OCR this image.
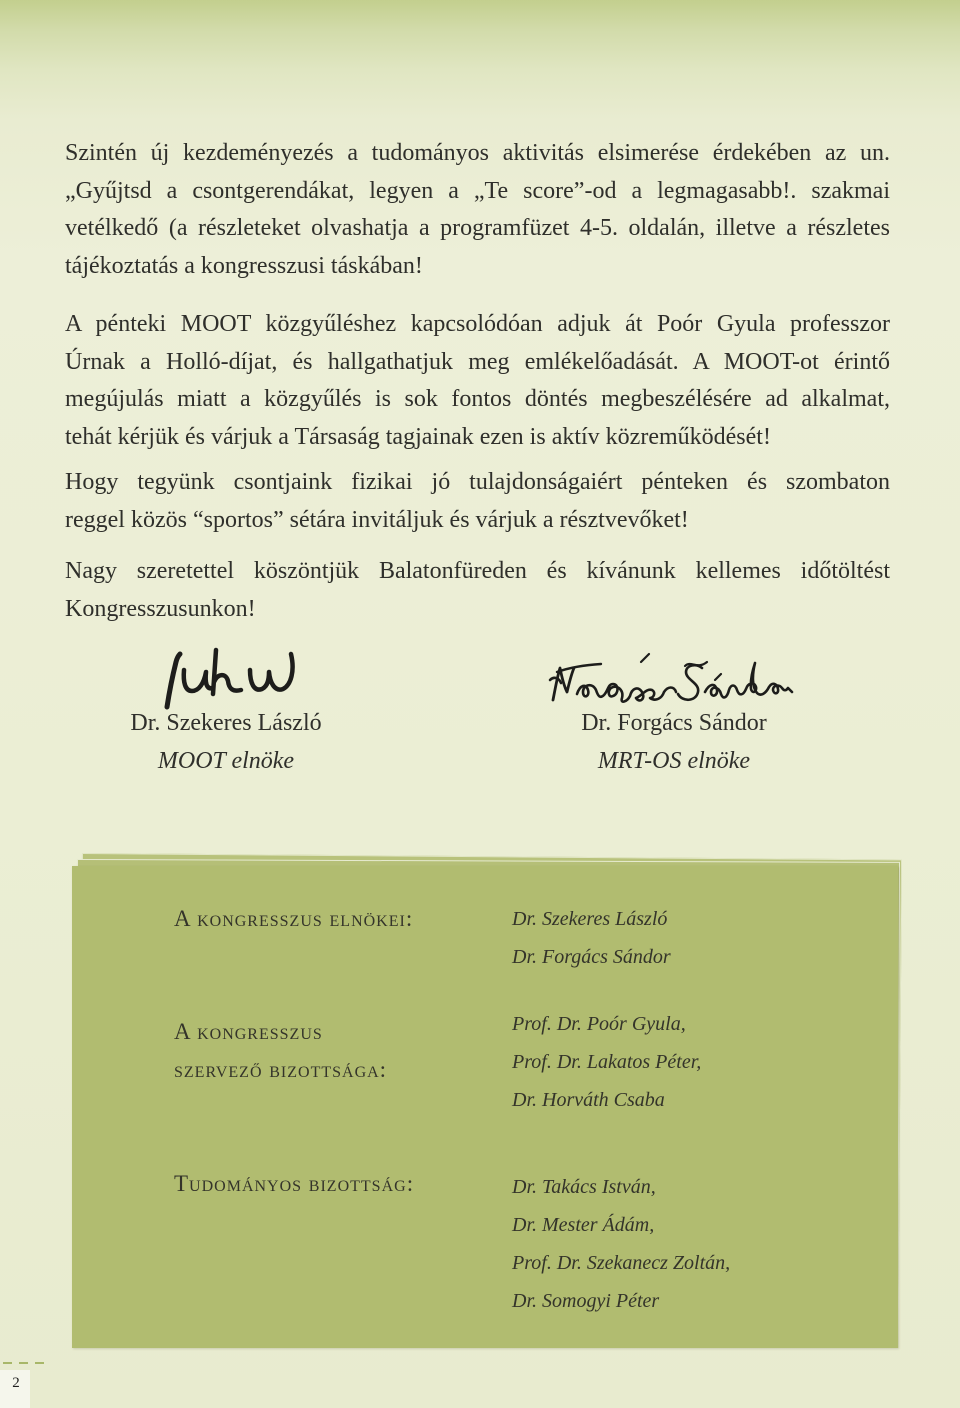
Szintén új kezdeményezés a tudományos aktivitás elsimerése érdekében az un.
„Gyűjtsd a csontgerendákat, legyen a „Te score”-od a legmagasabb!. szakmai
vetélkedő (a részleteket olvashatja a programfüzet 4-5. oldalán, illetve a részletes
tájékoztatás a kongresszusi táskában!
A pénteki MOOT közgyűléshez kapcsolódóan adjuk át Poór Gyula professzor
Úrnak a Holló-díjat, és hallgathatjuk meg emlékelőadását. A MOOT-ot érintő
megújulás miatt a közgyűlés is sok fontos döntés megbeszélésére ad alkalmat,
tehát kérjük és várjuk a Társaság tagjainak ezen is aktív közreműködését!
Hogy tegyünk csontjaink fizikai jó tulajdonságaiért pénteken és szombaton
reggel közös “sportos” sétára invitáljuk és várjuk a résztvevőket!
Nagy szeretettel köszöntjük Balatonfüreden és kívánunk kellemes időtöltést
Kongresszusunkon!
Dr. Szekeres László
MOOT elnöke
Dr. Forgács Sándor
MRT-OS elnöke
A kongresszus elnökei:	Dr. Szekeres László
Dr. Forgács Sándor
A kongresszus
szervező bizottsága:
Prof. Dr. Poór Gyula,
Prof. Dr. Lakatos Péter,
Dr. Horváth Csaba
Tudományos bizottság:	Dr. Takács István,
Dr. Mester Ádám,
Prof. Dr. Szekanecz Zoltán,
Dr. Somogyi Péter
2
